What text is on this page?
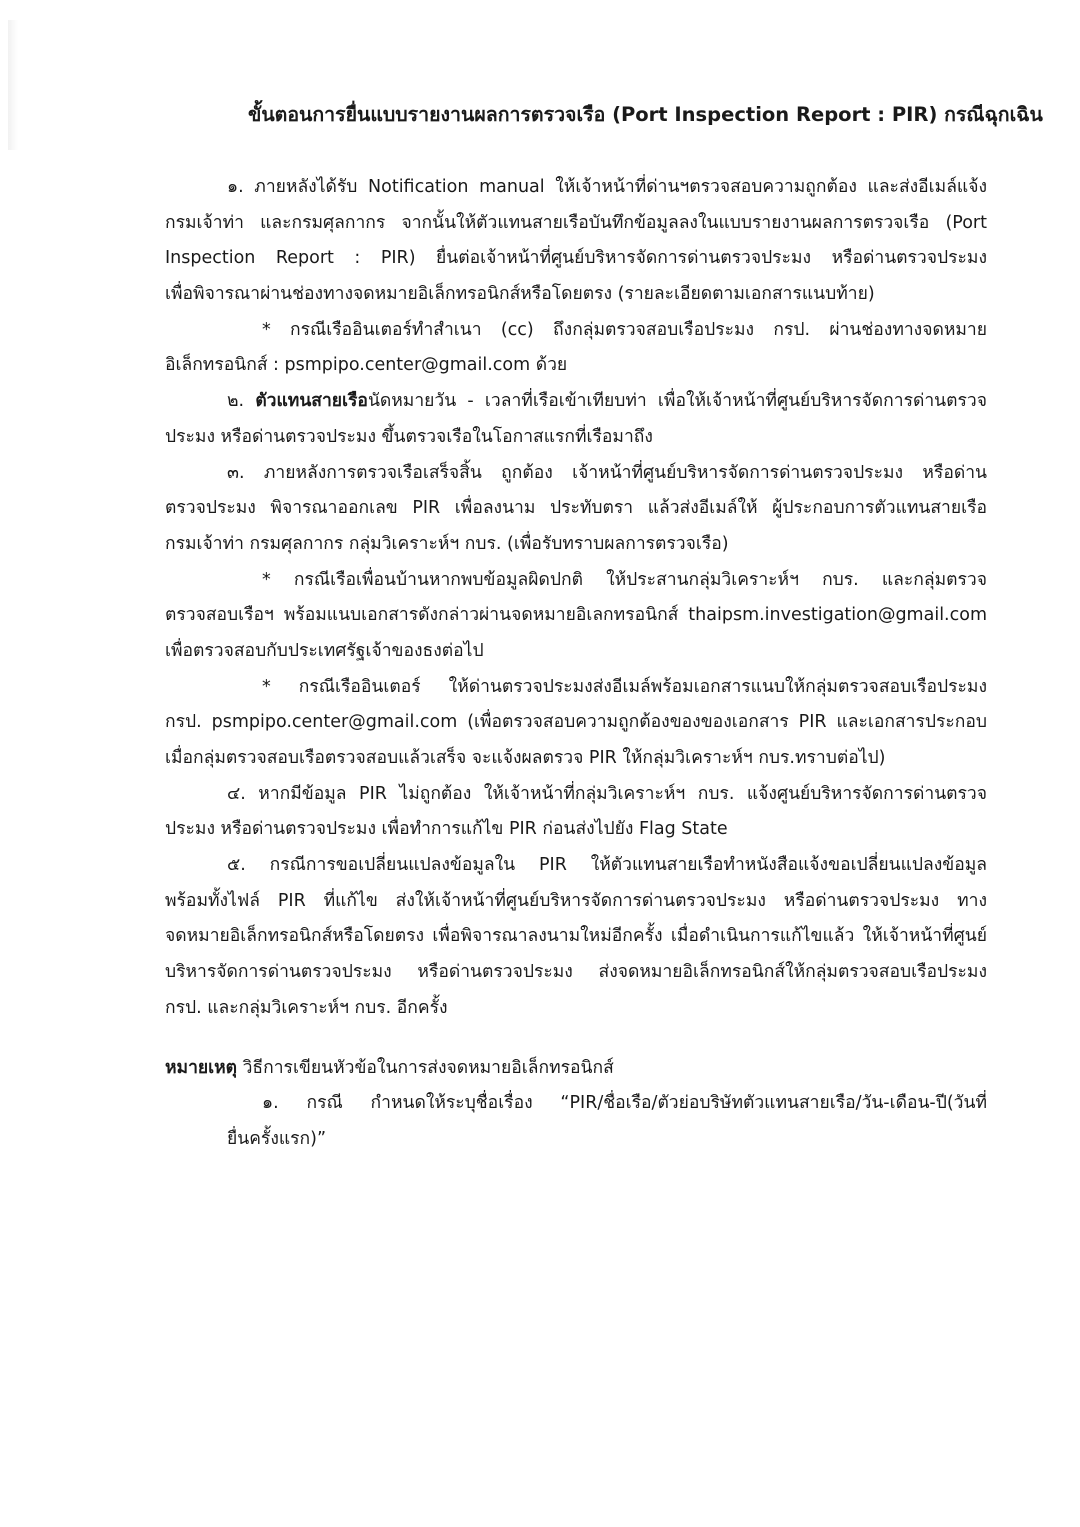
ขั้นตอนการยื่นแบบรายงานผลการตรวจเรือ (Port Inspection Report : PIR) กรณีฉุกเฉิน
๑. ภายหลังได้รับ Notification manual ให้เจ้าหน้าที่ด่านฯตรวจสอบความถูกต้อง และส่งอีเมล์แจ้ง
กรมเจ้าท่า และกรมศุลกากร จากนั้นให้ตัวแทนสายเรือบันทึกข้อมูลลงในแบบรายงานผลการตรวจเรือ (Port
Inspection Report : PIR) ยื่นต่อเจ้าหน้าที่ศูนย์บริหารจัดการด่านตรวจประมง หรือด่านตรวจประมง
เพื่อพิจารณาผ่านช่องทางจดหมายอิเล็กทรอนิกส์หรือโดยตรง (รายละเอียดตามเอกสารแนบท้าย)
* กรณีเรืออินเตอร์ทำสำเนา (cc) ถึงกลุ่มตรวจสอบเรือประมง กรป. ผ่านช่องทางจดหมาย
อิเล็กทรอนิกส์ : psmpipo.center@gmail.com ด้วย
๒. ตัวแทนสายเรือนัดหมายวัน - เวลาที่เรือเข้าเทียบท่า เพื่อให้เจ้าหน้าที่ศูนย์บริหารจัดการด่านตรวจ
ประมง หรือด่านตรวจประมง ขึ้นตรวจเรือในโอกาสแรกที่เรือมาถึง
๓. ภายหลังการตรวจเรือเสร็จสิ้น ถูกต้อง เจ้าหน้าที่ศูนย์บริหารจัดการด่านตรวจประมง หรือด่าน
ตรวจประมง พิจารณาออกเลข PIR เพื่อลงนาม ประทับตรา แล้วส่งอีเมล์ให้ ผู้ประกอบการตัวแทนสายเรือ
กรมเจ้าท่า กรมศุลกากร กลุ่มวิเคราะห์ฯ กบร. (เพื่อรับทราบผลการตรวจเรือ)
* กรณีเรือเพื่อนบ้านหากพบข้อมูลผิดปกติ ให้ประสานกลุ่มวิเคราะห์ฯ กบร. และกลุ่มตรวจ
ตรวจสอบเรือฯ พร้อมแนบเอกสารดังกล่าวผ่านจดหมายอิเลกทรอนิกส์ thaipsm.investigation@gmail.com
เพื่อตรวจสอบกับประเทศรัฐเจ้าของธงต่อไป
* กรณีเรืออินเตอร์ ให้ด่านตรวจประมงส่งอีเมล์พร้อมเอกสารแนบให้กลุ่มตรวจสอบเรือประมง
กรป. psmpipo.center@gmail.com (เพื่อตรวจสอบความถูกต้องของของเอกสาร PIR และเอกสารประกอบ
เมื่อกลุ่มตรวจสอบเรือตรวจสอบแล้วเสร็จ จะแจ้งผลตรวจ PIR ให้กลุ่มวิเคราะห์ฯ กบร.ทราบต่อไป)
๔. หากมีข้อมูล PIR ไม่ถูกต้อง ให้เจ้าหน้าที่กลุ่มวิเคราะห์ฯ กบร. แจ้งศูนย์บริหารจัดการด่านตรวจ
ประมง หรือด่านตรวจประมง เพื่อทำการแก้ไข PIR ก่อนส่งไปยัง Flag State
๕. กรณีการขอเปลี่ยนแปลงข้อมูลใน PIR ให้ตัวแทนสายเรือทำหนังสือแจ้งขอเปลี่ยนแปลงข้อมูล
พร้อมทั้งไฟล์ PIR ที่แก้ไข ส่งให้เจ้าหน้าที่ศูนย์บริหารจัดการด่านตรวจประมง หรือด่านตรวจประมง ทาง
จดหมายอิเล็กทรอนิกส์หรือโดยตรง เพื่อพิจารณาลงนามใหม่อีกครั้ง เมื่อดำเนินการแก้ไขแล้ว ให้เจ้าหน้าที่ศูนย์
บริหารจัดการด่านตรวจประมง หรือด่านตรวจประมง ส่งจดหมายอิเล็กทรอนิกส์ให้กลุ่มตรวจสอบเรือประมง
กรป. และกลุ่มวิเคราะห์ฯ กบร. อีกครั้ง
หมายเหตุ วิธีการเขียนหัวข้อในการส่งจดหมายอิเล็กทรอนิกส์
๑. กรณี กำหนดให้ระบุชื่อเรื่อง “PIR/ชื่อเรือ/ตัวย่อบริษัทตัวแทนสายเรือ/วัน-เดือน-ปี(วันที่
ยื่นครั้งแรก)”
